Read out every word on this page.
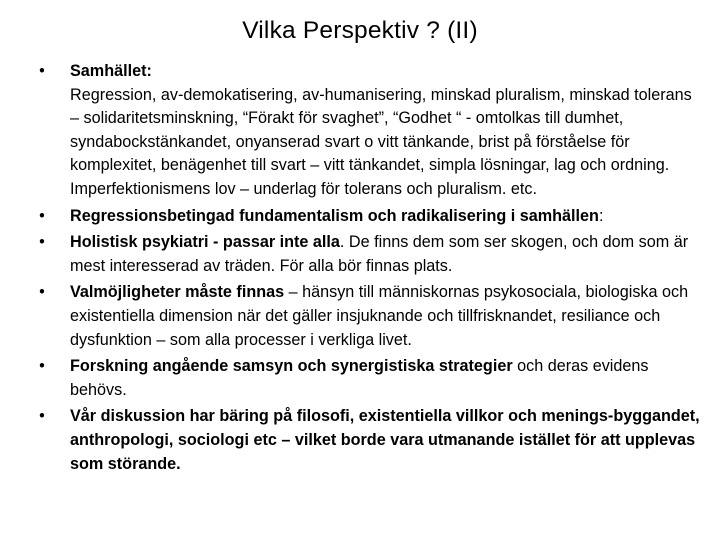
Vilka Perspektiv ? (II)
• Samhället:
Regression, av-demokatisering, av-humanisering, minskad pluralism, minskad tolerans – solidaritetsminskning, “Förakt för svaghet”, “Godhet “ - omtolkas till dumhet, syndabockstänkandet, onyanserad svart o vitt tänkande, brist på förståelse för komplexitet, benägenhet till svart – vitt tänkandet, simpla lösningar, lag och ordning. Imperfektionismens lov – underlag för tolerans och pluralism. etc.
• Regressionsbetingad fundamentalism och radikalisering i samhällen:
• Holistisk psykiatri - passar inte alla. De finns dem som ser skogen, och dom som är mest interesserad av träden. För alla bör finnas plats.
• Valmöjligheter måste finnas – hänsyn till människornas psykosociala, biologiska och existentiella dimension när det gäller insjuknande och tillfrisknandet, resiliance och dysfunktion – som alla processer i verkliga livet.
• Forskning angående samsyn och synergistiska strategier och deras evidens behövs.
• Vår diskussion har bäring på filosofi, existentiella villkor och menings-byggandet, anthropologi, sociologi etc – vilket borde vara utmanande istället för att upplevas som störande.
